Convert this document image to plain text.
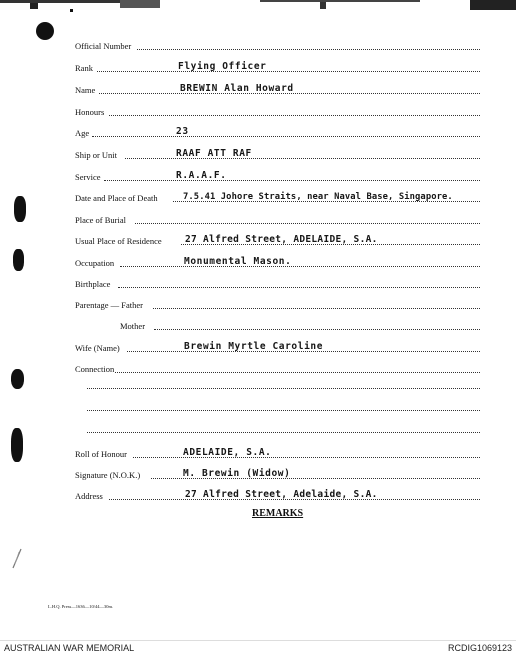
Official Number
Rank	Flying Officer
Name	BREWIN Alan Howard
Honours
Age	23
Ship or Unit	RAAF ATT RAF
Service	R.A.A.F.
Date and Place of Death	7.5.41 Johore Straits, near Naval Base, Singapore.
Place of Burial
Usual Place of Residence 27 Alfred Street, ADELAIDE, S.A.
Occupation	Monumental Mason.
Birthplace
Parentage — Father
Mother
Wife (Name)	Brewin Myrtle Caroline
Connection
Roll of Honour	ADELAIDE, S.A.
Signature (N.O.K.)	M. Brewin (Widow)
Address	27 Alfred Street, Adelaide, S.A.
REMARKS
L.H.Q. Press—1636—10/44—30m.
AUSTRALIAN WAR MEMORIAL	RCDIG1069123
